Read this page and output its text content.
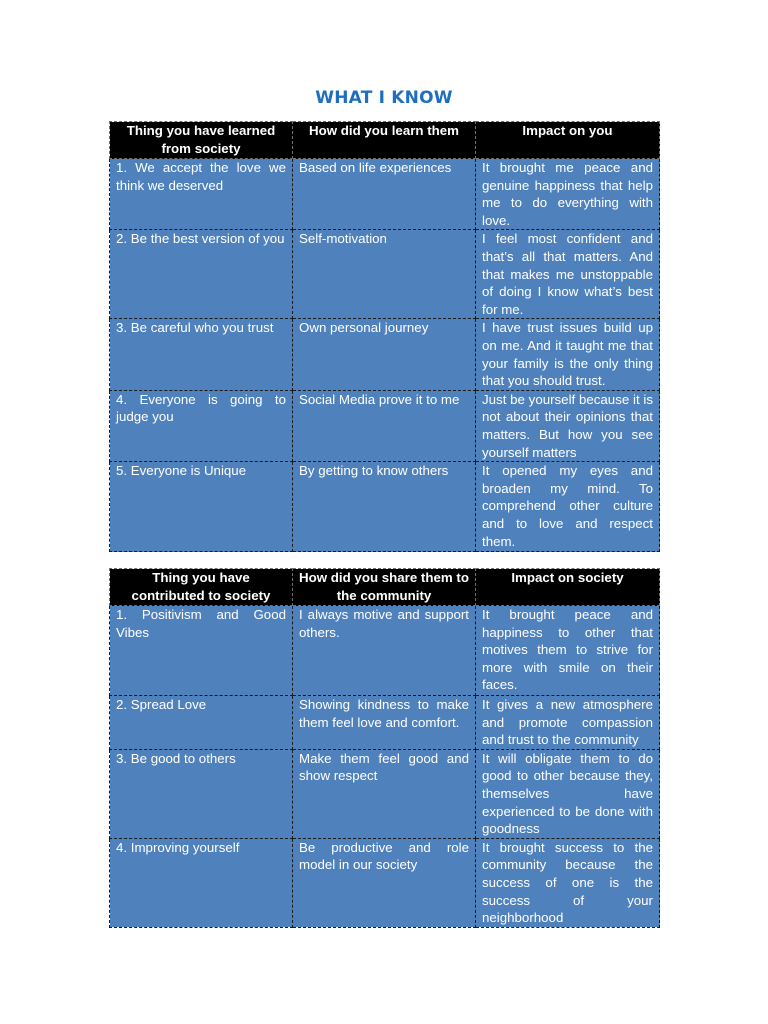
WHAT I KNOW
Thing you have learned from society	How did you learn them	Impact on you
1. We accept the love we think we deserved	Based on life experiences	It brought me peace and genuine happiness that help me to do everything with love.
2. Be the best version of you	Self-motivation	I feel most confident and that’s all that matters. And that makes me unstoppable of doing I know what’s best for me.
3. Be careful who you trust	Own personal journey	I have trust issues build up on me. And it taught me that your family is the only thing that you should trust.
4. Everyone is going to judge you	Social Media prove it to me	Just be yourself because it is not about their opinions that matters. But how you see yourself matters
5. Everyone is Unique	By getting to know others	It opened my eyes and broaden my mind. To comprehend other culture and to love and respect them.
Thing you have contributed to society	How did you share them to the community	Impact on society
1. Positivism and Good Vibes	I always motive and support others.	It brought peace and happiness to other that motives them to strive for more with smile on their faces.
2. Spread Love	Showing kindness to make them feel love and comfort.	It gives a new atmosphere and promote compassion and trust to the community
3. Be good to others	Make them feel good and show respect	It will obligate them to do good to other because they, themselves have experienced to be done with goodness
4. Improving yourself	Be productive and role model in our society	It brought success to the community because the success of one is the success of your neighborhood
